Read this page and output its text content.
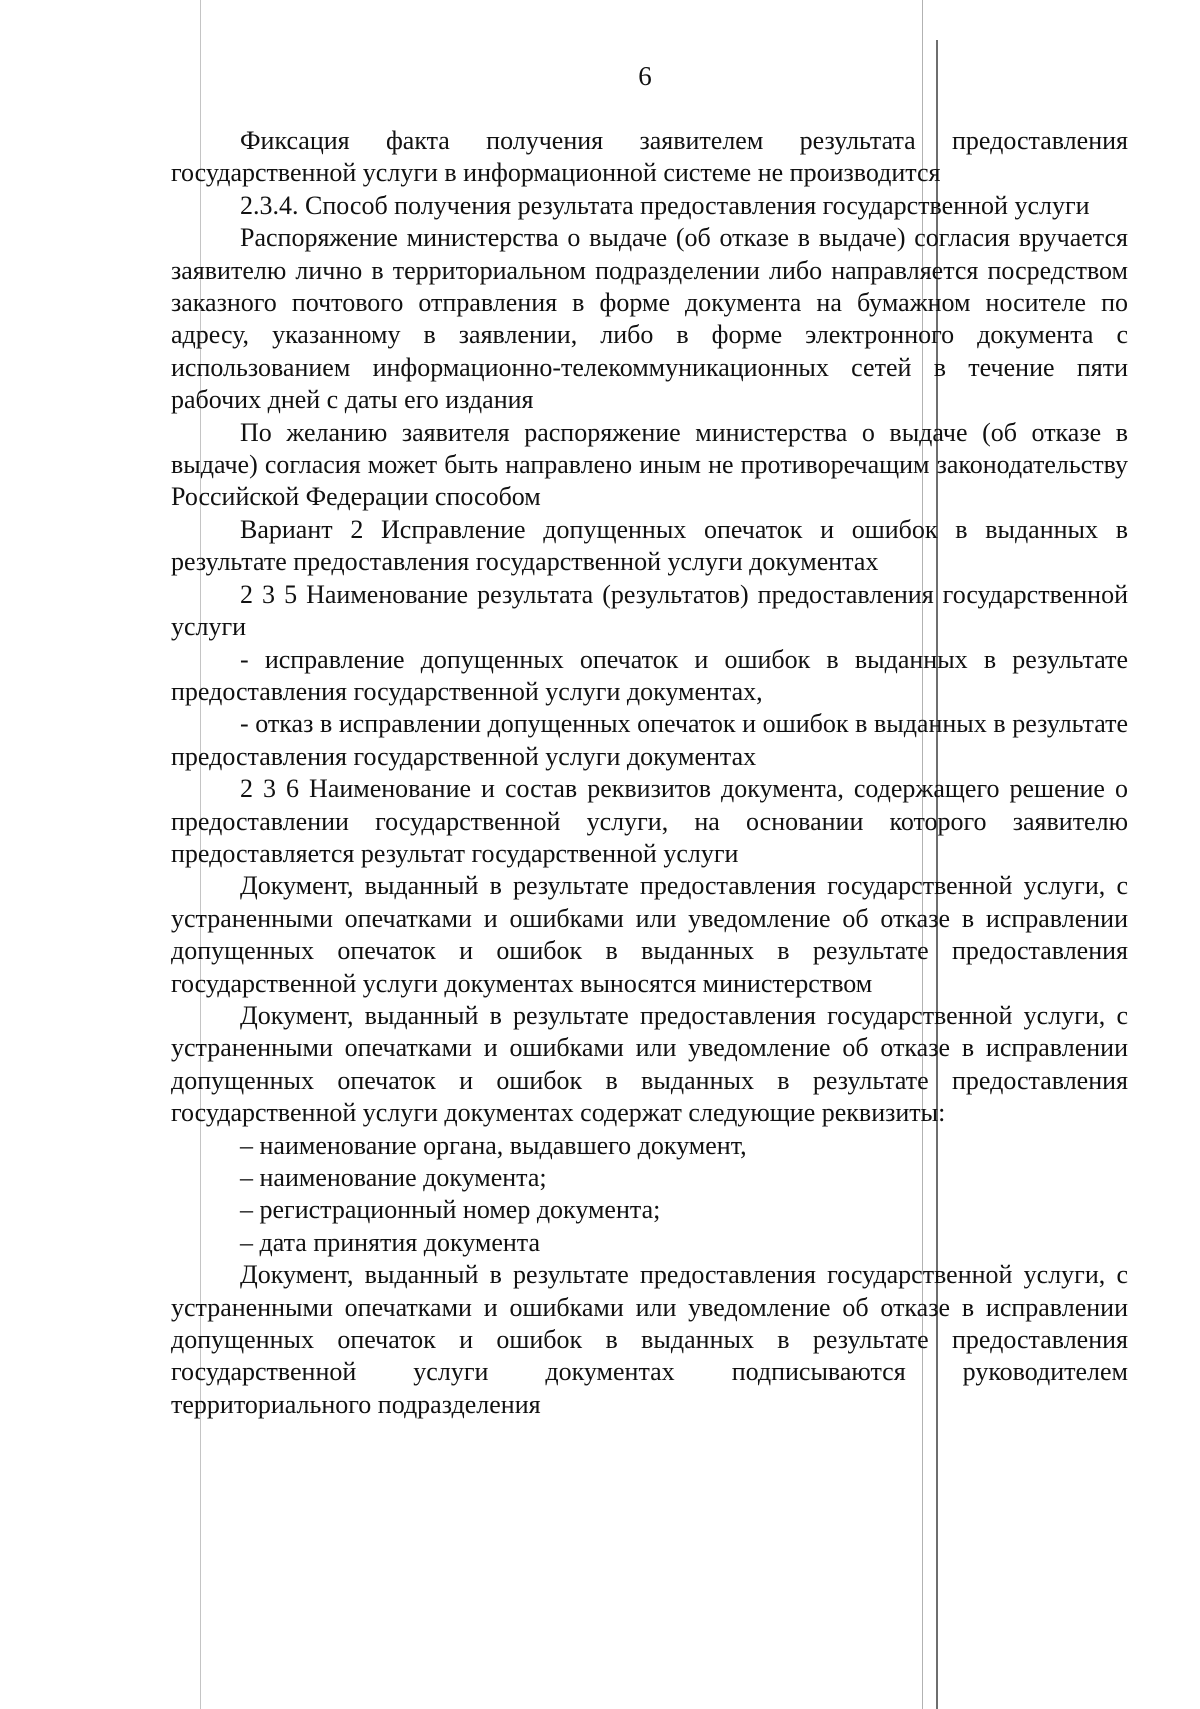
6

Фиксация факта получения заявителем результата предоставления государственной услуги в информационной системе не производится

2.3.4. Способ получения результата предоставления государственной услуги

Распоряжение министерства о выдаче (об отказе в выдаче) согласия вручается заявителю лично в территориальном подразделении либо направляется посредством заказного почтового отправления в форме документа на бумажном носителе по адресу, указанному в заявлении, либо в форме электронного документа с использованием информационно-телекоммуникационных сетей в течение пяти рабочих дней с даты его издания

По желанию заявителя распоряжение министерства о выдаче (об отказе в выдаче) согласия может быть направлено иным не противоречащим законодательству Российской Федерации способом

Вариант 2 Исправление допущенных опечаток и ошибок в выданных в результате предоставления государственной услуги документах

2 3 5 Наименование результата (результатов) предоставления государственной услуги

- исправление допущенных опечаток и ошибок в выданных в результате предоставления государственной услуги документах,

- отказ в исправлении допущенных опечаток и ошибок в выданных в результате предоставления государственной услуги документах

2 3 6 Наименование и состав реквизитов документа, содержащего решение о предоставлении государственной услуги, на основании которого заявителю предоставляется результат государственной услуги

Документ, выданный в результате предоставления государственной услуги, с устраненными опечатками и ошибками или уведомление об отказе в исправлении допущенных опечаток и ошибок в выданных в результате предоставления государственной услуги документах выносятся министерством

Документ, выданный в результате предоставления государственной услуги, с устраненными опечатками и ошибками или уведомление об отказе в исправлении допущенных опечаток и ошибок в выданных в результате предоставления государственной услуги документах содержат следующие реквизиты:

– наименование органа, выдавшего документ,

– наименование документа;

– регистрационный номер документа;

– дата принятия документа

Документ, выданный в результате предоставления государственной услуги, с устраненными опечатками и ошибками или уведомление об отказе в исправлении допущенных опечаток и ошибок в выданных в результате предоставления государственной услуги документах подписываются руководителем территориального подразделения
